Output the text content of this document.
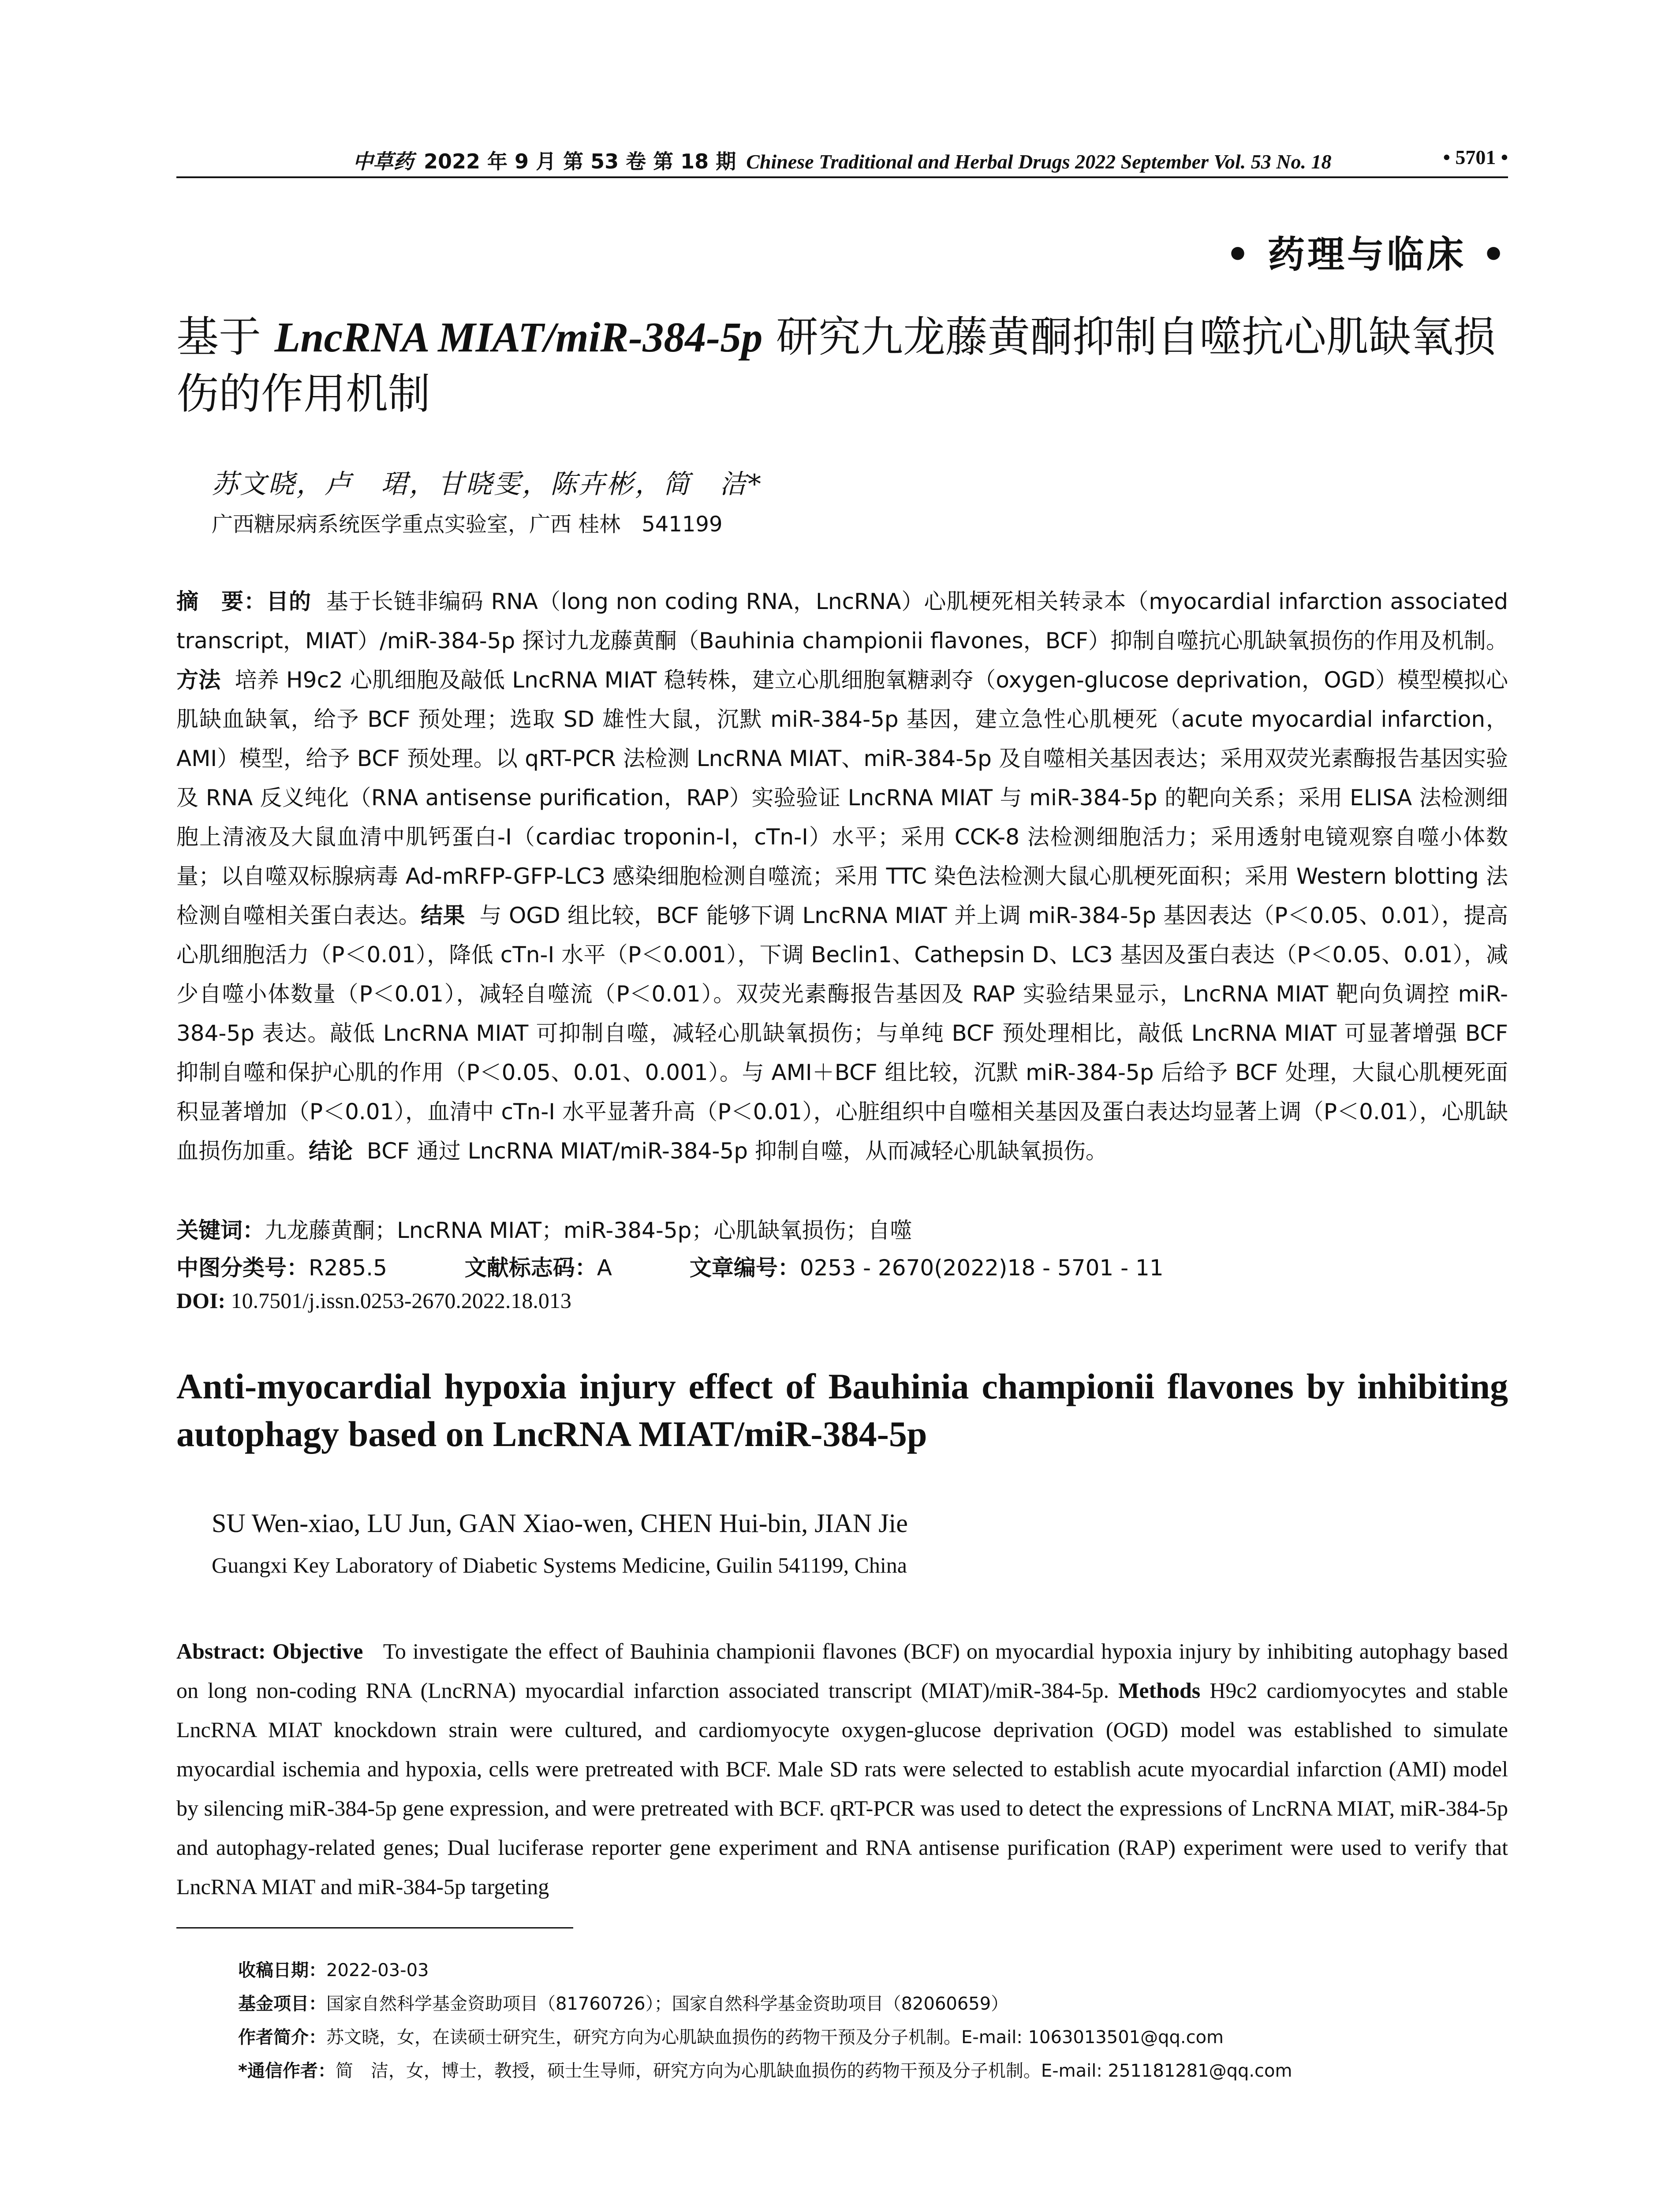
中草药 2022 年 9 月 第 53 卷 第 18 期 Chinese Traditional and Herbal Drugs 2022 September Vol. 53 No. 18	• 5701 •
• 药理与临床 •
基于 LncRNA MIAT/miR-384-5p 研究九龙藤黄酮抑制自噬抗心肌缺氧损伤的作用机制
苏文晓，卢　珺，甘晓雯，陈卉彬，简　洁*
广西糖尿病系统医学重点实验室，广西 桂林　541199
摘　要：目的 基于长链非编码 RNA（long non coding RNA，LncRNA）心肌梗死相关转录本（myocardial infarction associated transcript，MIAT）/miR-384-5p 探讨九龙藤黄酮（Bauhinia championii flavones，BCF）抑制自噬抗心肌缺氧损伤的作用及机制。方法 培养 H9c2 心肌细胞及敲低 LncRNA MIAT 稳转株，建立心肌细胞氧糖剥夺（oxygen-glucose deprivation，OGD）模型模拟心肌缺血缺氧，给予 BCF 预处理；选取 SD 雄性大鼠，沉默 miR-384-5p 基因，建立急性心肌梗死（acute myocardial infarction，AMI）模型，给予 BCF 预处理。以 qRT-PCR 法检测 LncRNA MIAT、miR-384-5p 及自噬相关基因表达；采用双荧光素酶报告基因实验及 RNA 反义纯化（RNA antisense purification，RAP）实验验证 LncRNA MIAT 与 miR-384-5p 的靶向关系；采用 ELISA 法检测细胞上清液及大鼠血清中肌钙蛋白-I（cardiac troponin-I，cTn-I）水平；采用 CCK-8 法检测细胞活力；采用透射电镜观察自噬小体数量；以自噬双标腺病毒 Ad-mRFP-GFP-LC3 感染细胞检测自噬流；采用 TTC 染色法检测大鼠心肌梗死面积；采用 Western blotting 法检测自噬相关蛋白表达。结果 与 OGD 组比较，BCF 能够下调 LncRNA MIAT 并上调 miR-384-5p 基因表达（P＜0.05、0.01），提高心肌细胞活力（P＜0.01），降低 cTn-I 水平（P＜0.001），下调 Beclin1、Cathepsin D、LC3 基因及蛋白表达（P＜0.05、0.01），减少自噬小体数量（P＜0.01），减轻自噬流（P＜0.01）。双荧光素酶报告基因及 RAP 实验结果显示，LncRNA MIAT 靶向负调控 miR-384-5p 表达。敲低 LncRNA MIAT 可抑制自噬，减轻心肌缺氧损伤；与单纯 BCF 预处理相比，敲低 LncRNA MIAT 可显著增强 BCF 抑制自噬和保护心肌的作用（P＜0.05、0.01、0.001）。与 AMI＋BCF 组比较，沉默 miR-384-5p 后给予 BCF 处理，大鼠心肌梗死面积显著增加（P＜0.01），血清中 cTn-I 水平显著升高（P＜0.01），心脏组织中自噬相关基因及蛋白表达均显著上调（P＜0.01），心肌缺血损伤加重。结论 BCF 通过 LncRNA MIAT/miR-384-5p 抑制自噬，从而减轻心肌缺氧损伤。
关键词：九龙藤黄酮；LncRNA MIAT；miR-384-5p；心肌缺氧损伤；自噬
中图分类号：R285.5	文献标志码：A	文章编号：0253 - 2670(2022)18 - 5701 - 11
DOI: 10.7501/j.issn.0253-2670.2022.18.013
Anti-myocardial hypoxia injury effect of Bauhinia championii flavones by inhibiting autophagy based on LncRNA MIAT/miR-384-5p
SU Wen-xiao, LU Jun, GAN Xiao-wen, CHEN Hui-bin, JIAN Jie
Guangxi Key Laboratory of Diabetic Systems Medicine, Guilin 541199, China
Abstract: Objective To investigate the effect of Bauhinia championii flavones (BCF) on myocardial hypoxia injury by inhibiting autophagy based on long non-coding RNA (LncRNA) myocardial infarction associated transcript (MIAT)/miR-384-5p. Methods H9c2 cardiomyocytes and stable LncRNA MIAT knockdown strain were cultured, and cardiomyocyte oxygen-glucose deprivation (OGD) model was established to simulate myocardial ischemia and hypoxia, cells were pretreated with BCF. Male SD rats were selected to establish acute myocardial infarction (AMI) model by silencing miR-384-5p gene expression, and were pretreated with BCF. qRT-PCR was used to detect the expressions of LncRNA MIAT, miR-384-5p and autophagy-related genes; Dual luciferase reporter gene experiment and RNA antisense purification (RAP) experiment were used to verify that LncRNA MIAT and miR-384-5p targeting
收稿日期：2022-03-03
基金项目：国家自然科学基金资助项目（81760726）；国家自然科学基金资助项目（82060659）
作者简介：苏文晓，女，在读硕士研究生，研究方向为心肌缺血损伤的药物干预及分子机制。E-mail: 1063013501@qq.com
*通信作者：简　洁，女，博士，教授，硕士生导师，研究方向为心肌缺血损伤的药物干预及分子机制。E-mail: 251181281@qq.com
